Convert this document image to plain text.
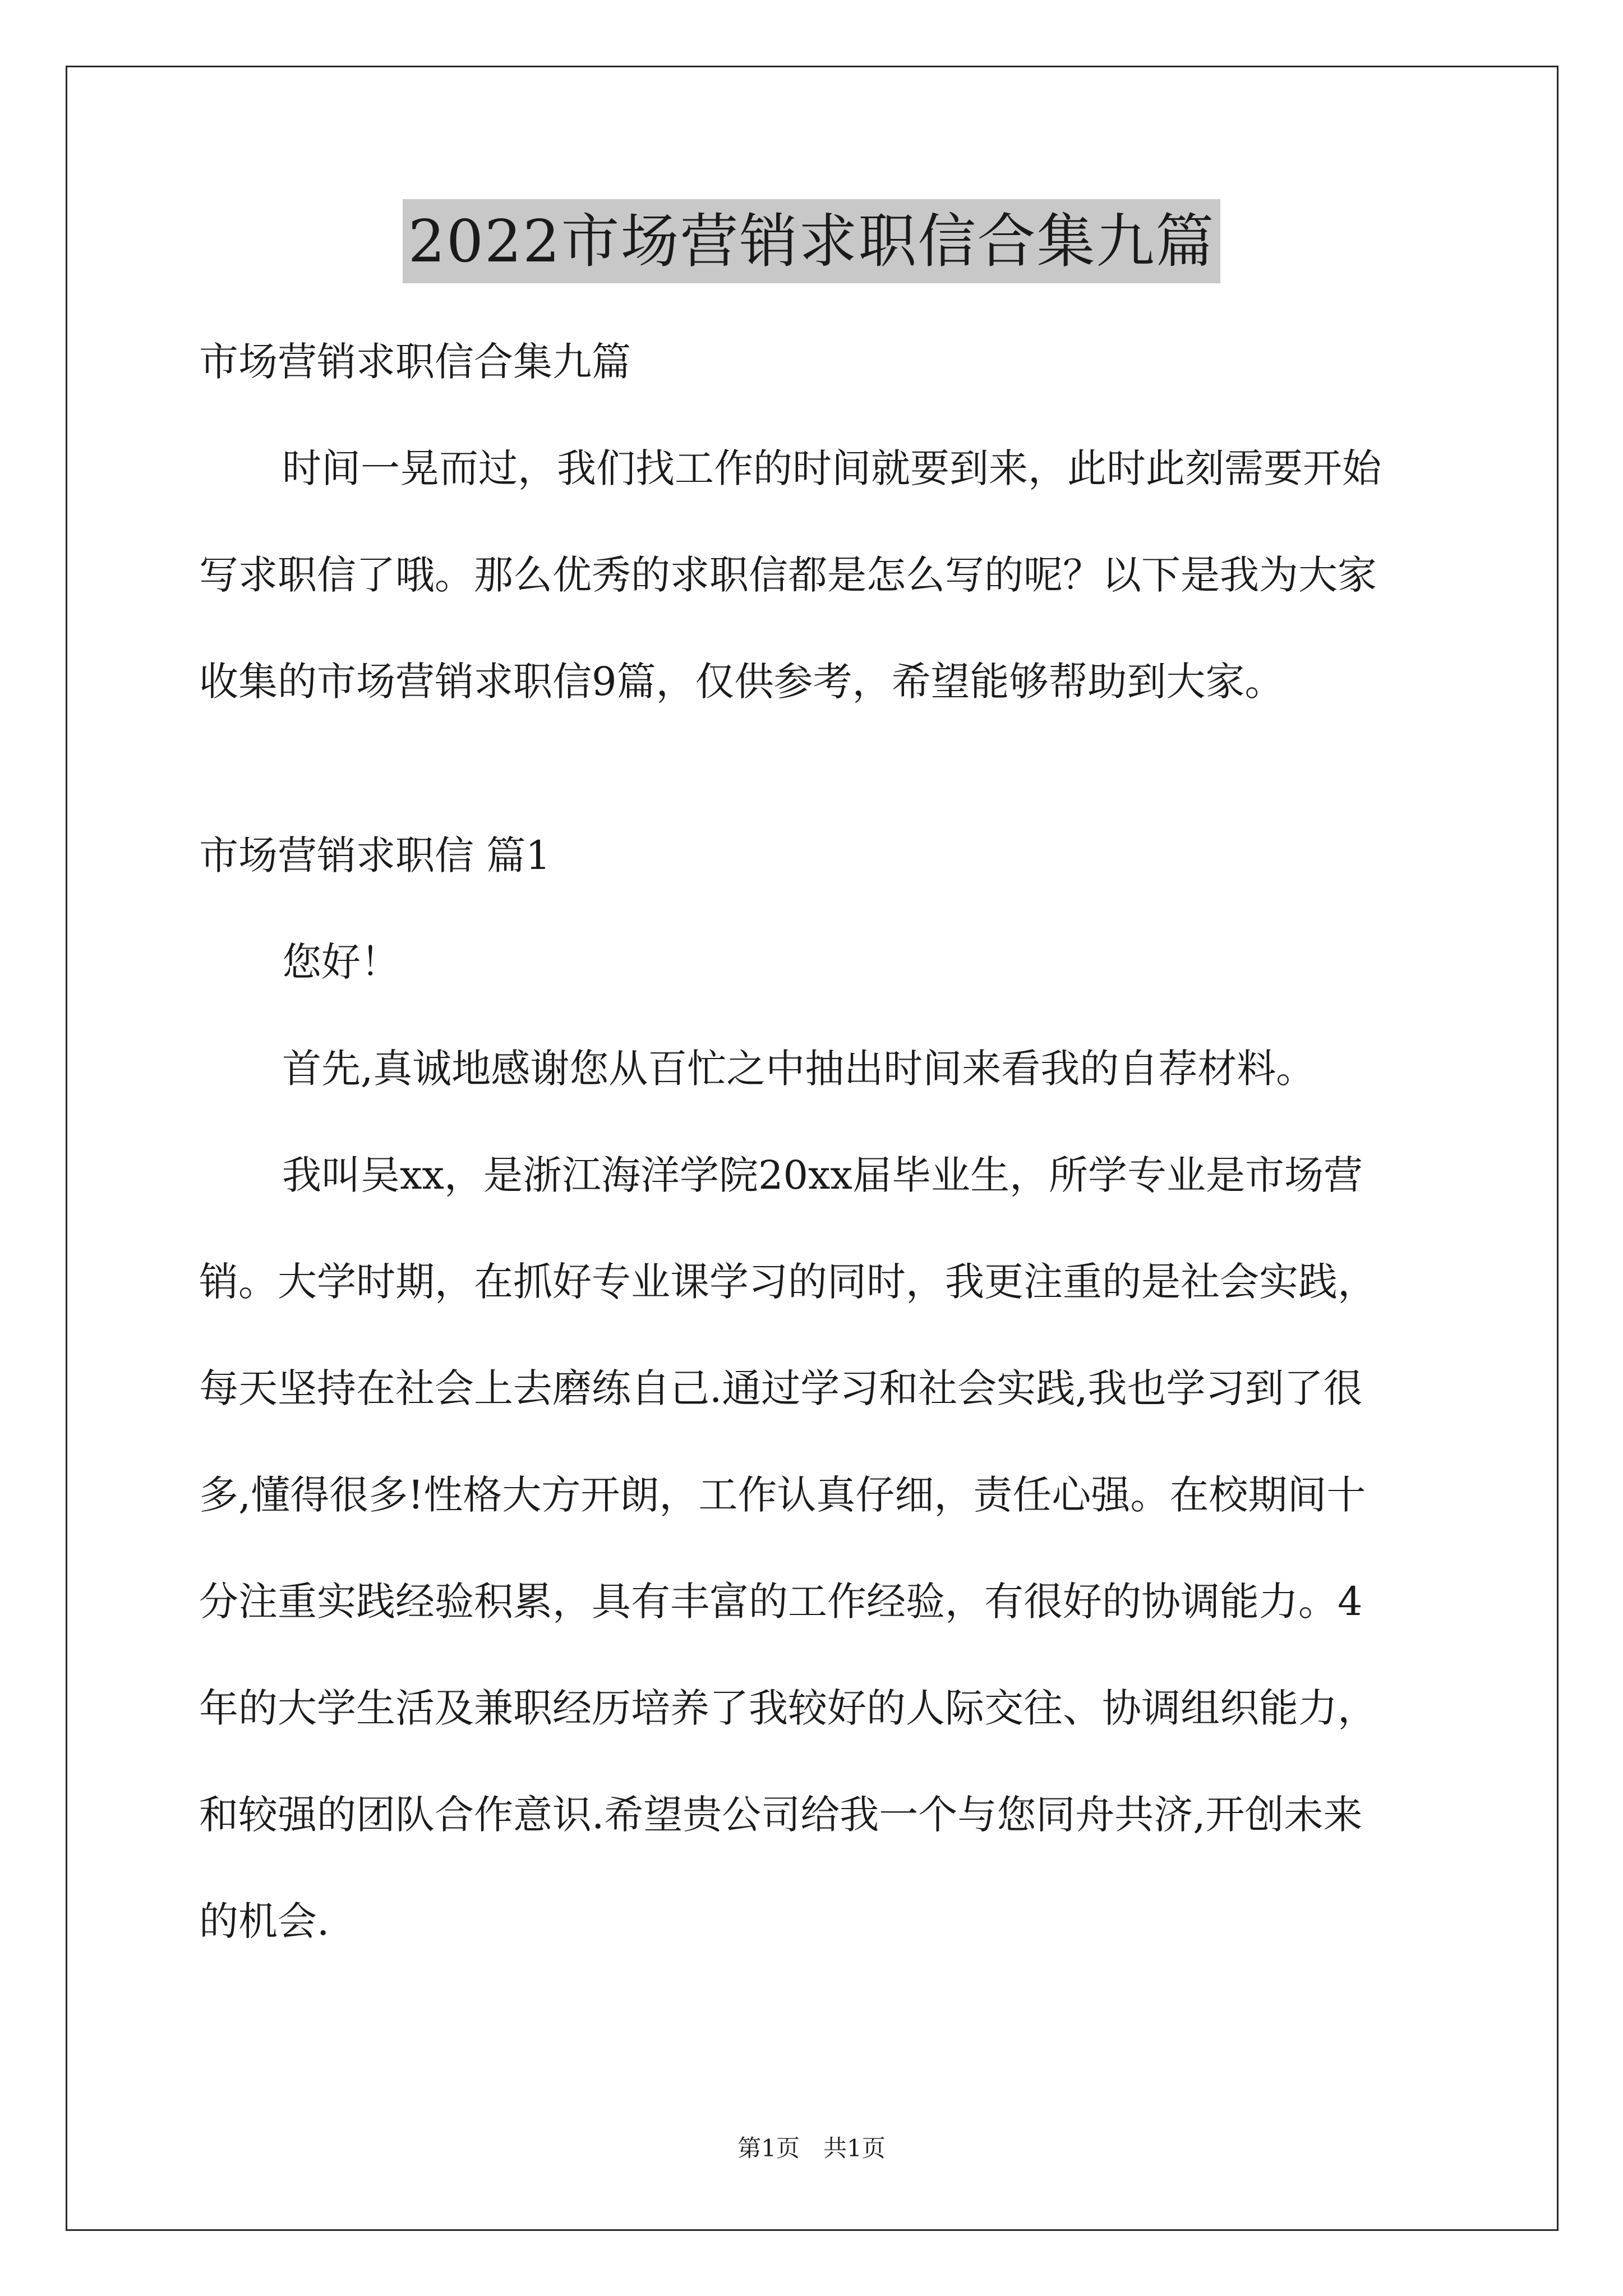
2022市场营销求职信合集九篇
市场营销求职信合集九篇
时间一晃而过，我们找工作的时间就要到来，此时此刻需要开始
写求职信了哦。那么优秀的求职信都是怎么写的呢？以下是我为大家
收集的市场营销求职信9篇，仅供参考，希望能够帮助到大家。
市场营销求职信 篇1
您好！
首先,真诚地感谢您从百忙之中抽出时间来看我的自荐材料。
我叫吴xx，是浙江海洋学院20xx届毕业生，所学专业是市场营
销。大学时期，在抓好专业课学习的同时，我更注重的是社会实践，
每天坚持在社会上去磨练自己.通过学习和社会实践,我也学习到了很
多,懂得很多!性格大方开朗，工作认真仔细，责任心强。在校期间十
分注重实践经验积累，具有丰富的工作经验，有很好的协调能力。4
年的大学生活及兼职经历培养了我较好的人际交往、协调组织能力，
和较强的团队合作意识.希望贵公司给我一个与您同舟共济,开创未来
的机会.
第1页　共1页
